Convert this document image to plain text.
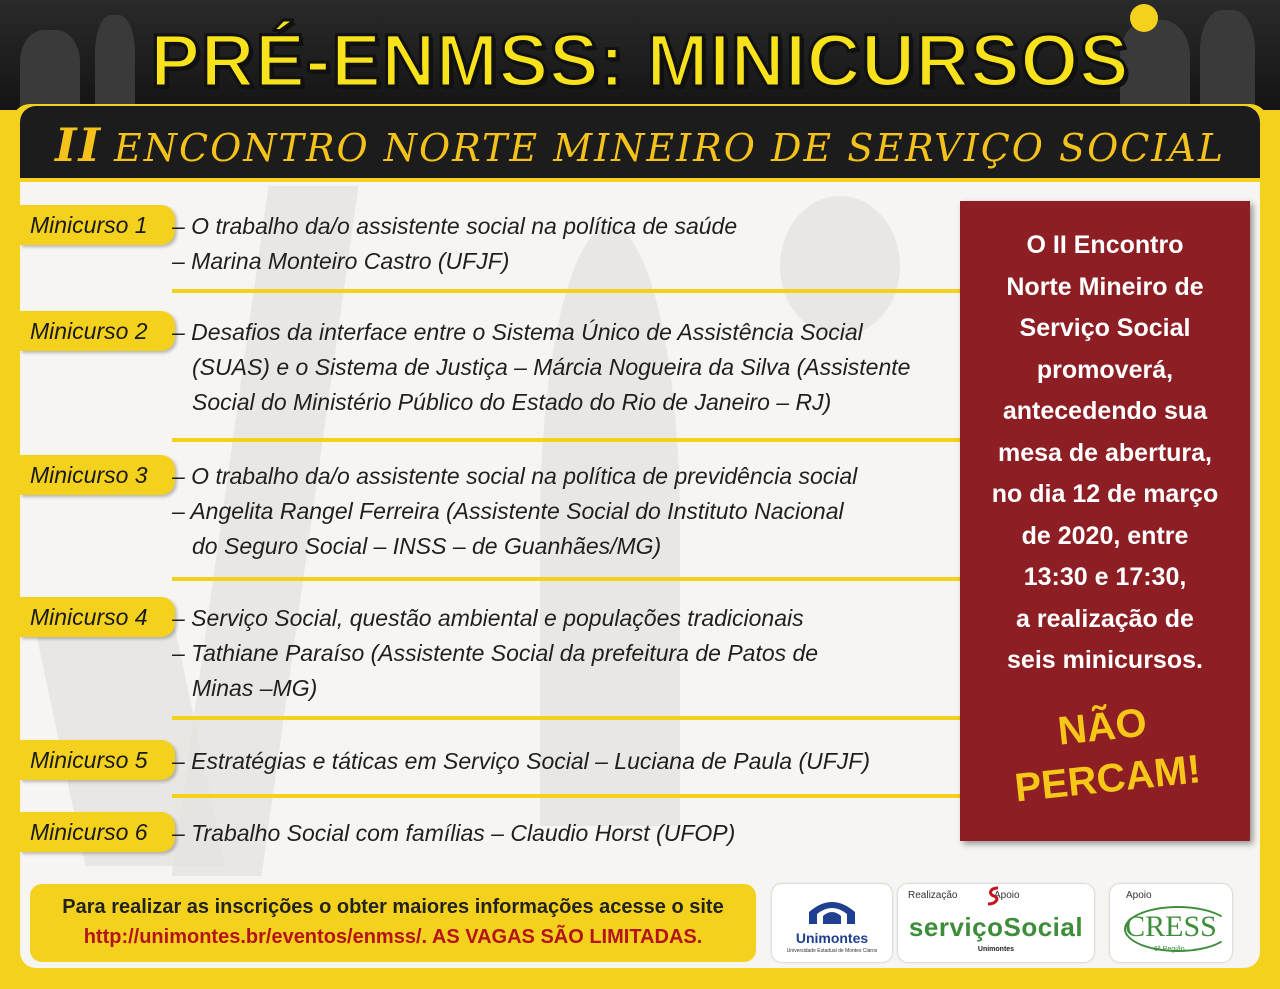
PRÉ-ENMSS: MINICURSOS
II ENCONTRO NORTE MINEIRO DE SERVIÇO SOCIAL
Minicurso 1	– O trabalho da/o assistente social na política de saúde
– Marina Monteiro Castro (UFJF)
Minicurso 2	– Desafios da interface entre o Sistema Único de Assistência Social
(SUAS) e o Sistema de Justiça – Márcia Nogueira da Silva (Assistente
Social do Ministério Público do Estado do Rio de Janeiro – RJ)
Minicurso 3	– O trabalho da/o assistente social na política de previdência social
– Angelita Rangel Ferreira (Assistente Social do Instituto Nacional
do Seguro Social – INSS – de Guanhães/MG)
Minicurso 4	– Serviço Social, questão ambiental e populações tradicionais
– Tathiane Paraíso (Assistente Social da prefeitura de Patos de
Minas –MG)
Minicurso 5	– Estratégias e táticas em Serviço Social – Luciana de Paula (UFJF)
Minicurso 6	– Trabalho Social com famílias – Claudio Horst (UFOP)
O II Encontro
Norte Mineiro de
Serviço Social
promoverá,
antecedendo sua
mesa de abertura,
no dia 12 de março
de 2020, entre
13:30 e 17:30,
a realização de
seis minicursos.
NÃO
PERCAM!
Para realizar as inscrições o obter maiores informações acesse o site
http://unimontes.br/eventos/enmss/. AS VAGAS SÃO LIMITADAS.	Unimontes
Universidade Estadual de Montes Claros
Realização	Apoio
serviçoSocial
Unimontes
Apoio
CRESS
6ª Região
